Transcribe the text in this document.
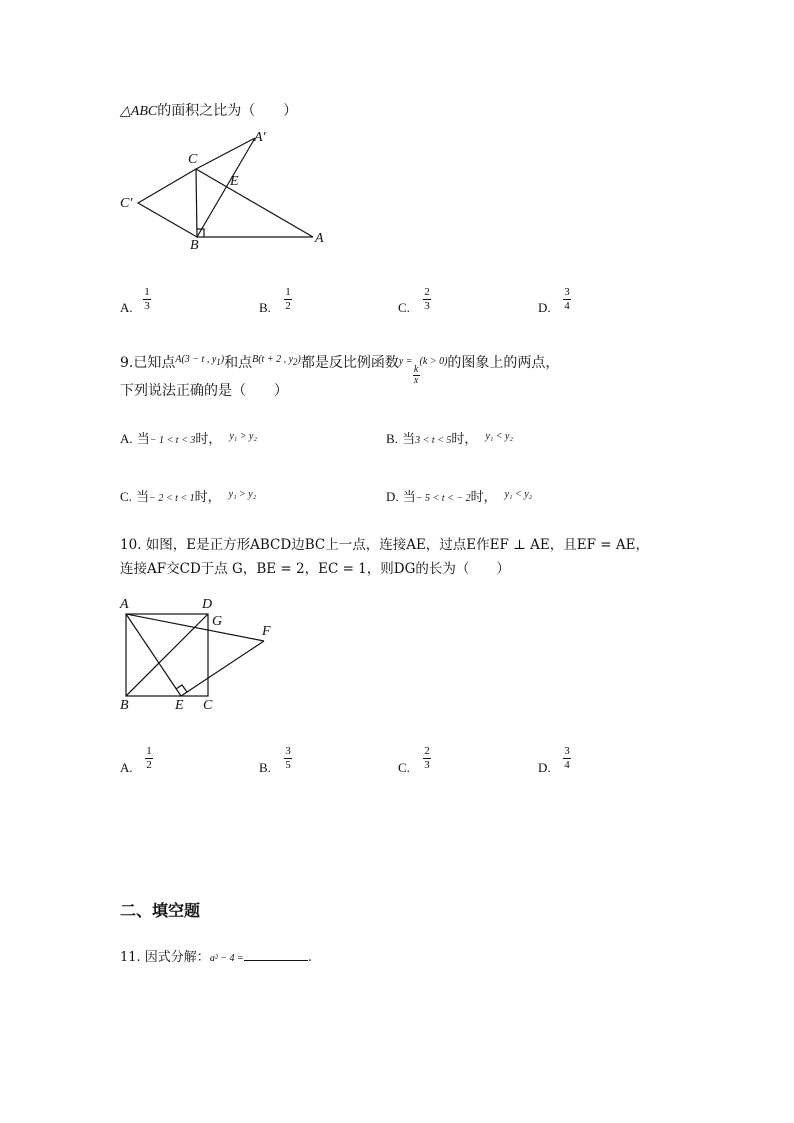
△ABC的面积之比为（　　）
C
A′
E
C′
B	A
A.
1
3	B.
1
2	C.
2
3	D.
3
4
9.已知点$^{A(3 - t , y1)}$和点$^{B(t + 2 , y2)}$都是反比例函数$^{y =}$
$\frac{k}{x}$
$^{(k > 0)}$的图象上的两点，
下列说法正确的是（　　）
A. 当− 1 < t < 3时， $^{y_1 > y_2}$	B. 当3 < t < 5时， $^{y_1 < y_2}$
C. 当− 2 < t < 1时， $^{y_1 > y_2}$	D. 当− 5 < t < − 2时， $^{y_1 < y_2}$
10. 如图，E是正方形ABCD边BC上一点，连接AE，过点E作EF ⊥ AE，且EF = AE，
连接AF交CD于点 G，BE = 2，EC = 1，则DG的长为（　　）
A	D
G
F
B	E C
A.
1
2	B.
3
5	C.
2
3	D.
3
4
二、填空题
11. 因式分解：a² − 4 =	.
